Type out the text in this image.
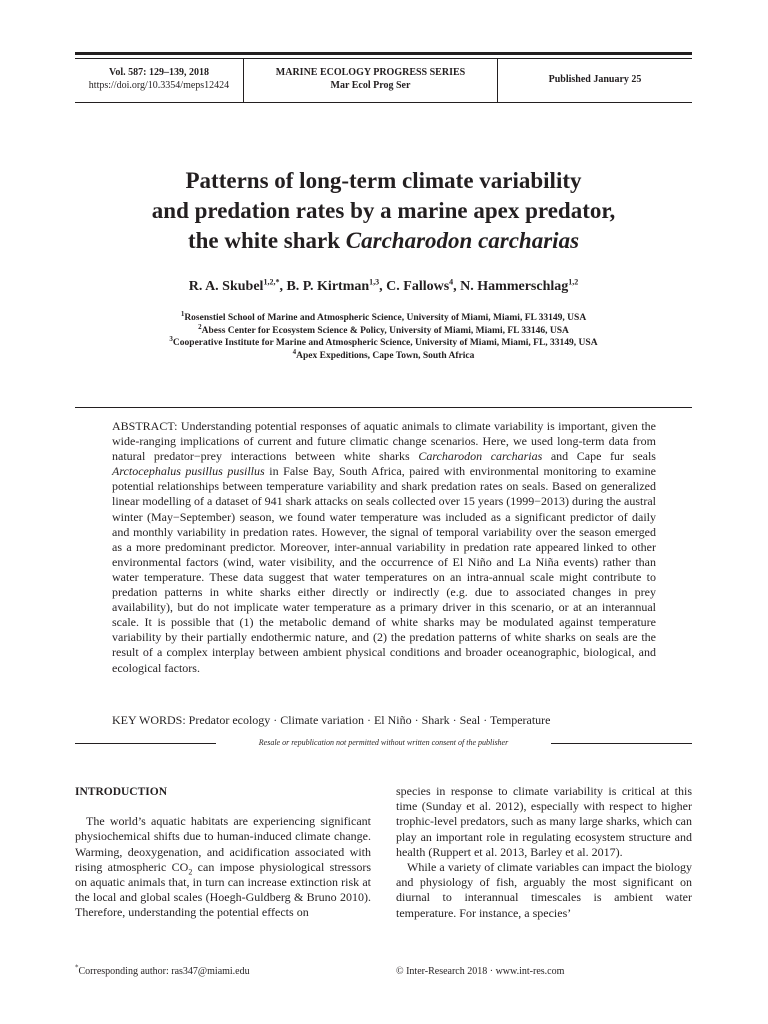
Vol. 587: 129–139, 2018
https://doi.org/10.3354/meps12424
MARINE ECOLOGY PROGRESS SERIES
Mar Ecol Prog Ser
Published January 25
Patterns of long-term climate variability
and predation rates by a marine apex predator,
the white shark Carcharodon carcharias
R. A. Skubel$^{1,2,*}$, B. P. Kirtman$^{1,3}$, C. Fallows$^4$, N. Hammerschlag$^{1,2}$
$^1$Rosenstiel School of Marine and Atmospheric Science, University of Miami, Miami, FL 33149, USA
$^2$Abess Center for Ecosystem Science & Policy, University of Miami, Miami, FL 33146, USA
$^3$Cooperative Institute for Marine and Atmospheric Science, University of Miami, Miami, FL, 33149, USA
$^4$Apex Expeditions, Cape Town, South Africa

ABSTRACT: Understanding potential responses of aquatic animals to climate variability is important, given the wide-ranging implications of current and future climatic change scenarios. Here, we used long-term data from natural predator−prey interactions between white sharks Carcharodon carcharias and Cape fur seals Arctocephalus pusillus pusillus in False Bay, South Africa, paired with environmental monitoring to examine potential relationships between temperature variability and shark predation rates on seals. Based on generalized linear modelling of a dataset of 941 shark attacks on seals collected over 15 years (1999−2013) during the austral winter (May−September) season, we found water temperature was included as a significant predictor of daily and monthly variability in predation rates. However, the signal of temporal variability over the season emerged as a more predominant predictor. Moreover, inter-annual variability in predation rate appeared linked to other environmental factors (wind, water visibility, and the occurrence of El Niño and La Niña events) rather than water temperature. These data suggest that water temperatures on an intra-annual scale might contribute to predation patterns in white sharks either directly or indirectly (e.g. due to associated changes in prey availability), but do not implicate water temperature as a primary driver in this scenario, or at an interannual scale. It is possible that (1) the metabolic demand of white sharks may be modulated against temperature variability by their partially endothermic nature, and (2) the predation patterns of white sharks on seals are the result of a complex interplay between ambient physical conditions and broader oceanographic, biological, and ecological factors.

KEY WORDS: Predator ecology · Climate variation · El Niño · Shark · Seal · Temperature
Resale or republication not permitted without written consent of the publisher

INTRODUCTION

The world’s aquatic habitats are experiencing significant physiochemical shifts due to human-induced climate change. Warming, deoxygenation, and acidification associated with rising atmospheric $CO_2$ can impose physiological stressors on aquatic animals that, in turn can increase extinction risk at the local and global scales (Hoegh-Guldberg & Bruno 2010). Therefore, understanding the potential effects on

species in response to climate variability is critical at this time (Sunday et al. 2012), especially with respect to higher trophic-level predators, such as many large sharks, which can play an important role in regulating ecosystem structure and health (Ruppert et al. 2013, Barley et al. 2017).

While a variety of climate variables can impact the biology and physiology of fish, arguably the most significant on diurnal to interannual timescales is ambient water temperature. For instance, a species’

*Corresponding author: ras347@miami.edu	© Inter-Research 2018 · www.int-res.com
